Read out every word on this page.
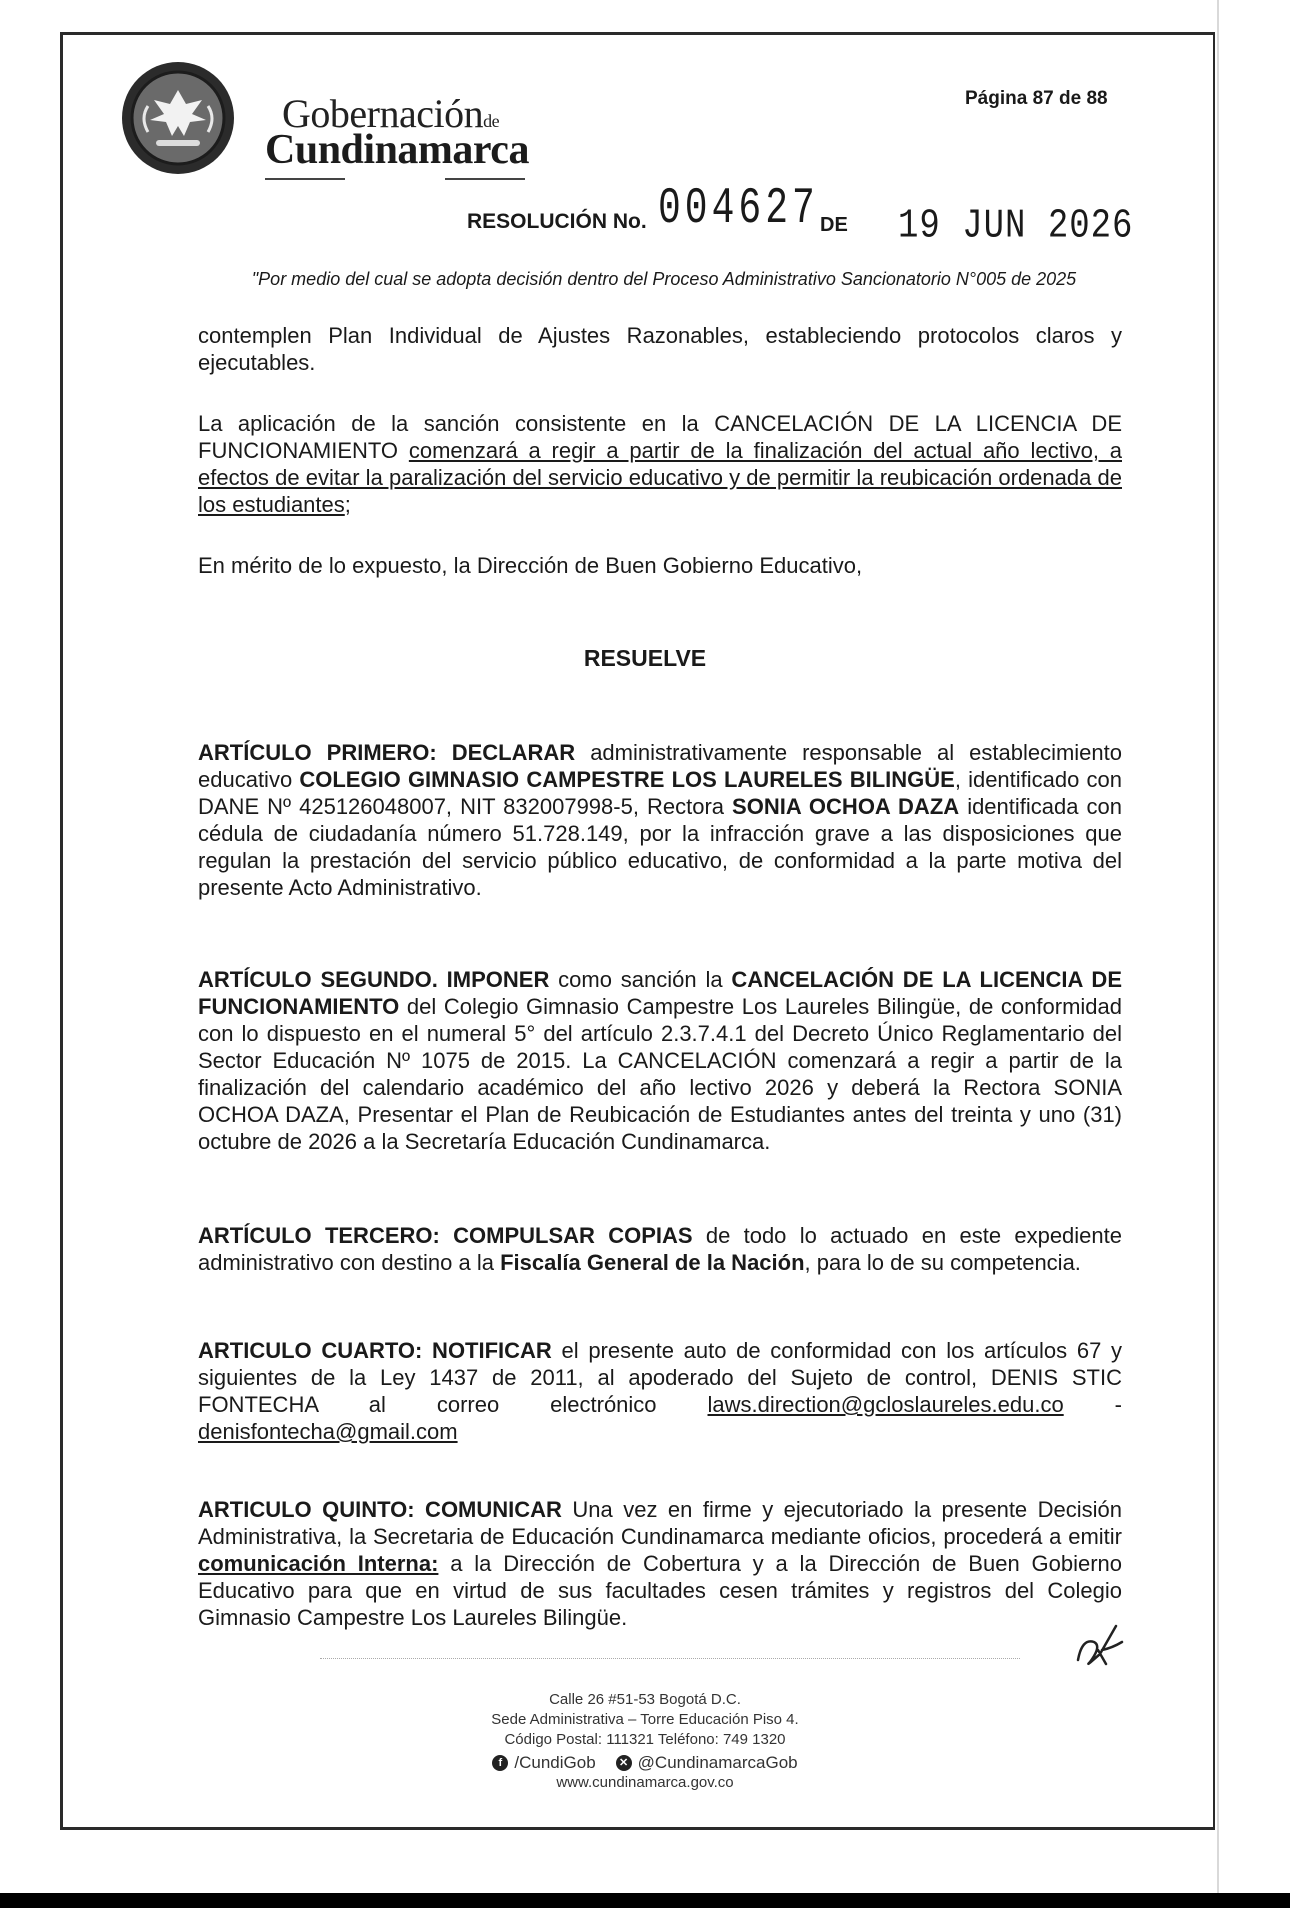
Gobernaciónde
Cundinamarca
Página 87 de 88
RESOLUCIÓN No. 004627 DE 19 JUN 2026
"Por medio del cual se adopta decisión dentro del Proceso Administrativo Sancionatorio N°005 de 2025
contemplen Plan Individual de Ajustes Razonables, estableciendo protocolos claros y ejecutables.
La aplicación de la sanción consistente en la CANCELACIÓN DE LA LICENCIA DE FUNCIONAMIENTO comenzará a regir a partir de la finalización del actual año lectivo, a efectos de evitar la paralización del servicio educativo y de permitir la reubicación ordenada de los estudiantes;
En mérito de lo expuesto, la Dirección de Buen Gobierno Educativo,
RESUELVE
ARTÍCULO PRIMERO: DECLARAR administrativamente responsable al establecimiento educativo COLEGIO GIMNASIO CAMPESTRE LOS LAURELES BILINGÜE, identificado con DANE Nº 425126048007, NIT 832007998-5, Rectora SONIA OCHOA DAZA identificada con cédula de ciudadanía número 51.728.149, por la infracción grave a las disposiciones que regulan la prestación del servicio público educativo, de conformidad a la parte motiva del presente Acto Administrativo.
ARTÍCULO SEGUNDO. IMPONER como sanción la CANCELACIÓN DE LA LICENCIA DE FUNCIONAMIENTO del Colegio Gimnasio Campestre Los Laureles Bilingüe, de conformidad con lo dispuesto en el numeral 5° del artículo 2.3.7.4.1 del Decreto Único Reglamentario del Sector Educación Nº 1075 de 2015. La CANCELACIÓN comenzará a regir a partir de la finalización del calendario académico del año lectivo 2026 y deberá la Rectora SONIA OCHOA DAZA, Presentar el Plan de Reubicación de Estudiantes antes del treinta y uno (31) octubre de 2026 a la Secretaría Educación Cundinamarca.
ARTÍCULO TERCERO: COMPULSAR COPIAS de todo lo actuado en este expediente administrativo con destino a la Fiscalía General de la Nación, para lo de su competencia.
ARTICULO CUARTO: NOTIFICAR el presente auto de conformidad con los artículos 67 y siguientes de la Ley 1437 de 2011, al apoderado del Sujeto de control, DENIS STIC FONTECHA al correo electrónico laws.direction@gcloslaureles.edu.co - denisfontecha@gmail.com
ARTICULO QUINTO: COMUNICAR Una vez en firme y ejecutoriado la presente Decisión Administrativa, la Secretaria de Educación Cundinamarca mediante oficios, procederá a emitir comunicación Interna: a la Dirección de Cobertura y a la Dirección de Buen Gobierno Educativo para que en virtud de sus facultades cesen trámites y registros del Colegio Gimnasio Campestre Los Laureles Bilingüe.
Calle 26 #51-53 Bogotá D.C.
Sede Administrativa – Torre Educación Piso 4.
Código Postal: 111321 Teléfono: 749 1320
f /CundiGob	✕ @CundinamarcaGob
www.cundinamarca.gov.co
